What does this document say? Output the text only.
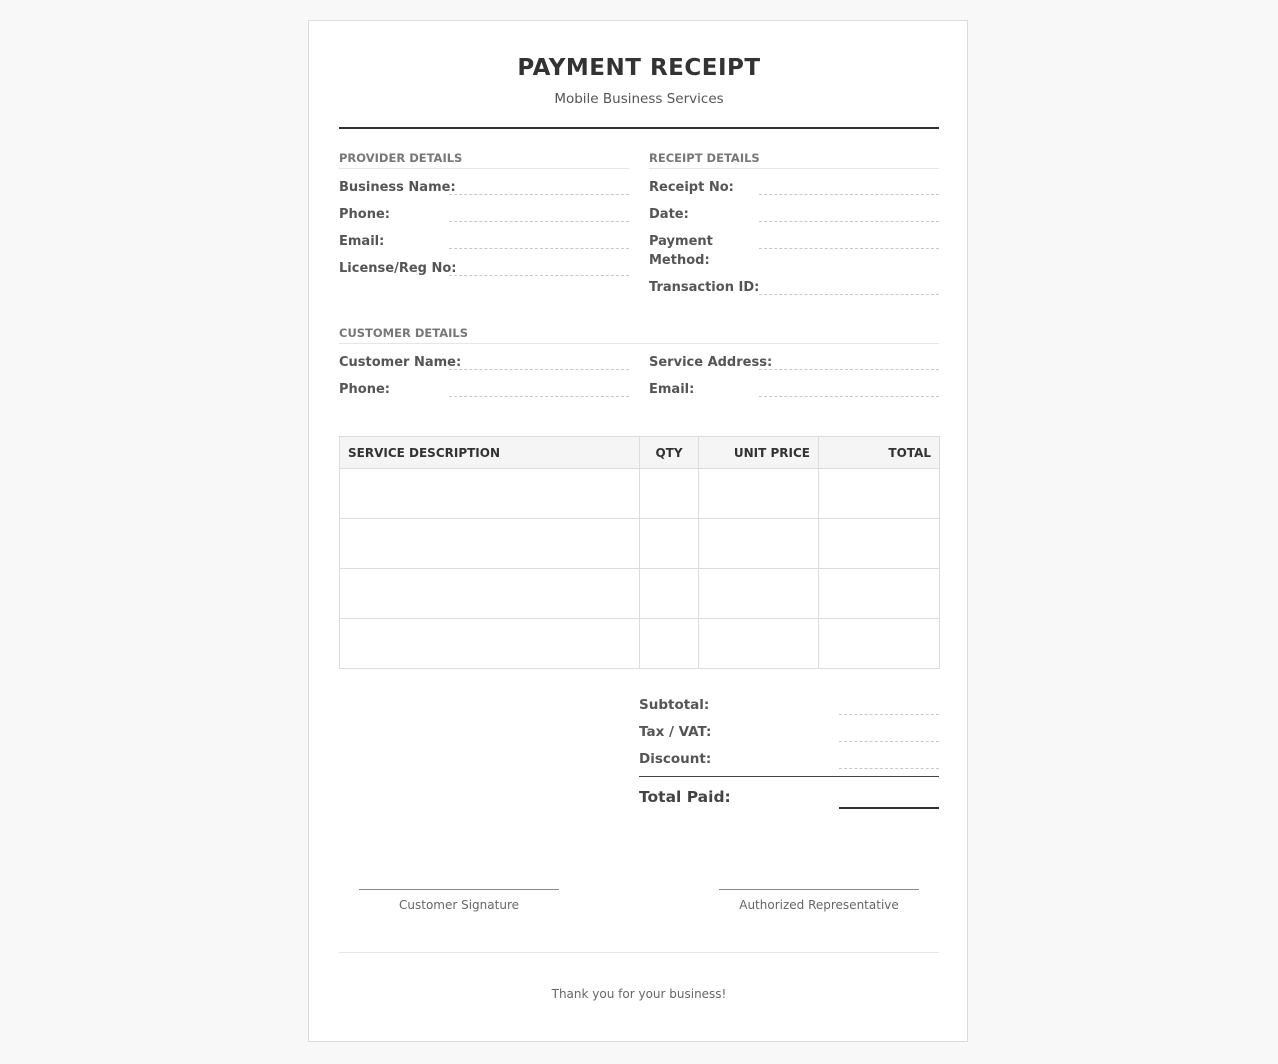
PAYMENT RECEIPT
Mobile Business Services
PROVIDER DETAILS
Business Name:
Phone:
Email:
License/Reg No:
RECEIPT DETAILS
Receipt No:
Date:
Payment
Method:
Transaction ID:
CUSTOMER DETAILS
Customer Name:
Phone:
Service Address:
Email:
SERVICE DESCRIPTION	QTY	UNIT PRICE	TOTAL

Subtotal:
Tax / VAT:
Discount:
Total Paid:
Customer Signature	Authorized Representative
Thank you for your business!
